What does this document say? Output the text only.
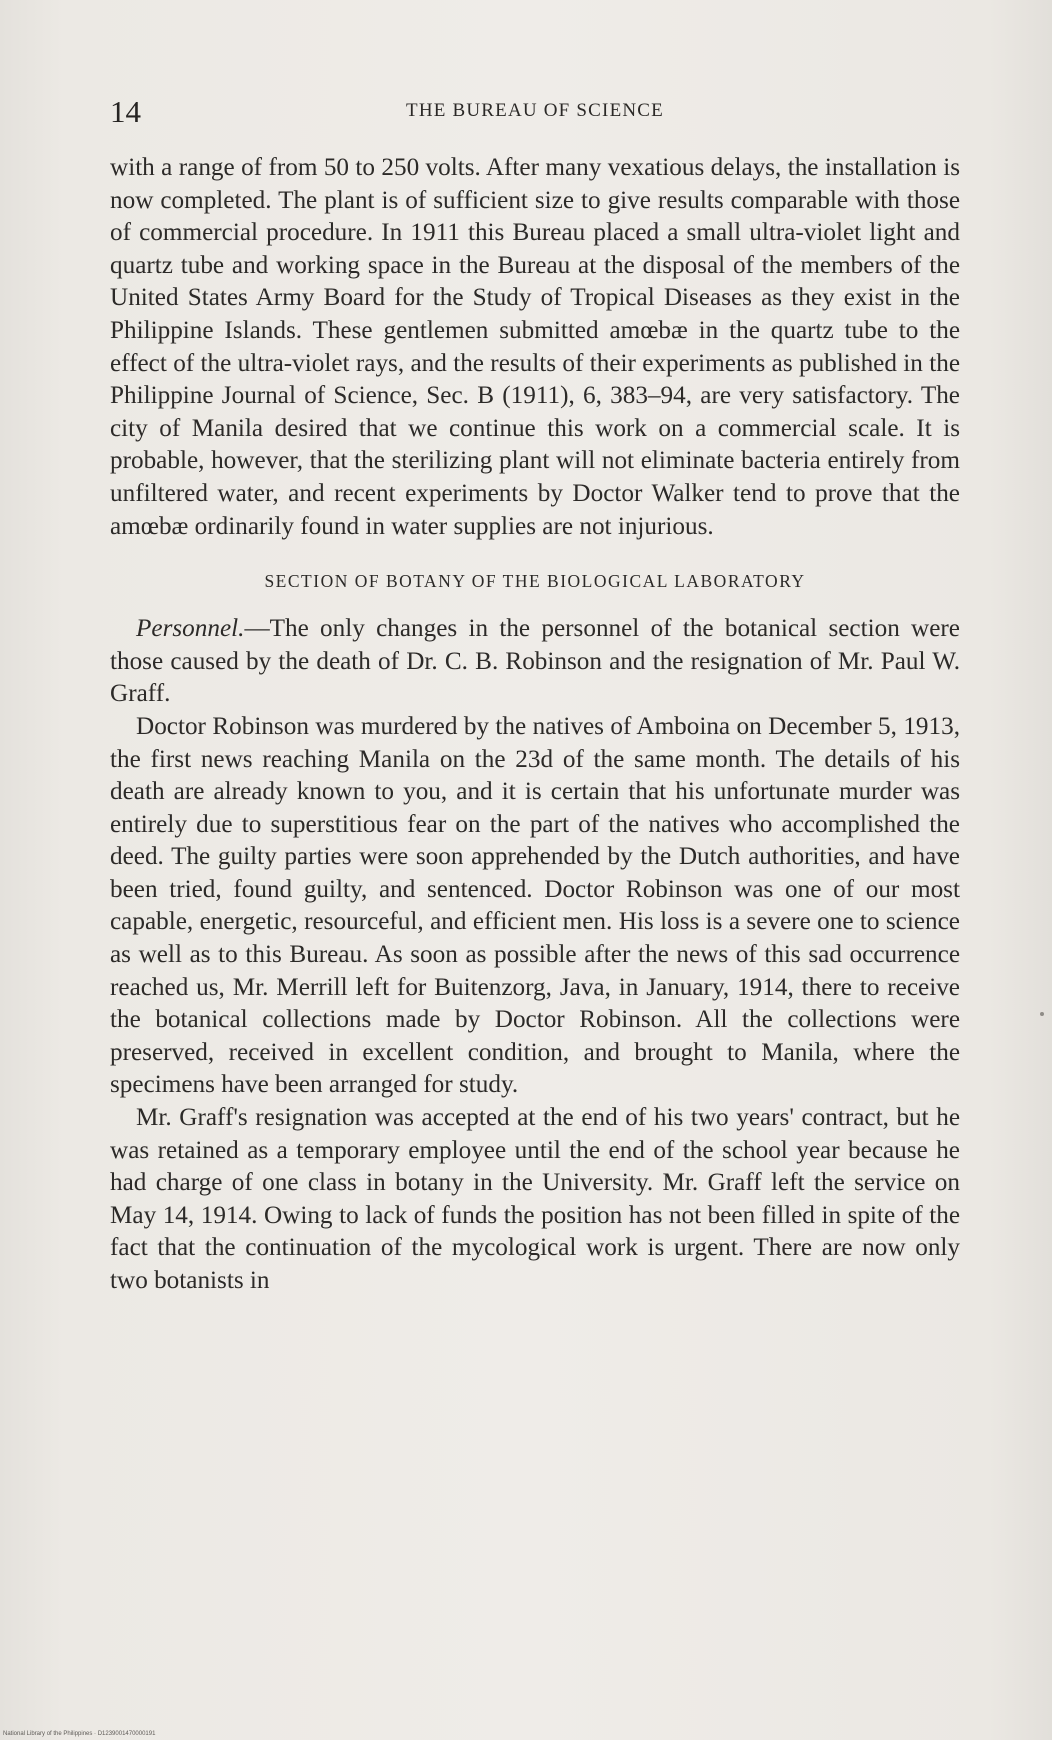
14	THE BUREAU OF SCIENCE

with a range of from 50 to 250 volts. After many vexatious delays, the installation is now completed. The plant is of sufficient size to give results comparable with those of commercial procedure. In 1911 this Bureau placed a small ultra-violet light and quartz tube and working space in the Bureau at the disposal of the members of the United States Army Board for the Study of Tropical Diseases as they exist in the Philippine Islands. These gentlemen submitted amœbæ in the quartz tube to the effect of the ultra-violet rays, and the results of their experiments as published in the Philippine Journal of Science, Sec. B (1911), 6, 383–94, are very satisfactory. The city of Manila desired that we continue this work on a commercial scale. It is probable, however, that the sterilizing plant will not eliminate bacteria entirely from unfiltered water, and recent experiments by Doctor Walker tend to prove that the amœbæ ordinarily found in water supplies are not injurious.

SECTION OF BOTANY OF THE BIOLOGICAL LABORATORY

Personnel.—The only changes in the personnel of the botanical section were those caused by the death of Dr. C. B. Robinson and the resignation of Mr. Paul W. Graff.

Doctor Robinson was murdered by the natives of Amboina on December 5, 1913, the first news reaching Manila on the 23d of the same month. The details of his death are already known to you, and it is certain that his unfortunate murder was entirely due to superstitious fear on the part of the natives who accomplished the deed. The guilty parties were soon apprehended by the Dutch authorities, and have been tried, found guilty, and sentenced. Doctor Robinson was one of our most capable, energetic, resourceful, and efficient men. His loss is a severe one to science as well as to this Bureau. As soon as possible after the news of this sad occurrence reached us, Mr. Merrill left for Buitenzorg, Java, in January, 1914, there to receive the botanical collections made by Doctor Robinson. All the collections were preserved, received in excellent condition, and brought to Manila, where the specimens have been arranged for study.

Mr. Graff's resignation was accepted at the end of his two years' contract, but he was retained as a temporary employee until the end of the school year because he had charge of one class in botany in the University. Mr. Graff left the service on May 14, 1914. Owing to lack of funds the position has not been filled in spite of the fact that the continuation of the mycological work is urgent. There are now only two botanists in

National Library of the Philippines · D1239001470000191
